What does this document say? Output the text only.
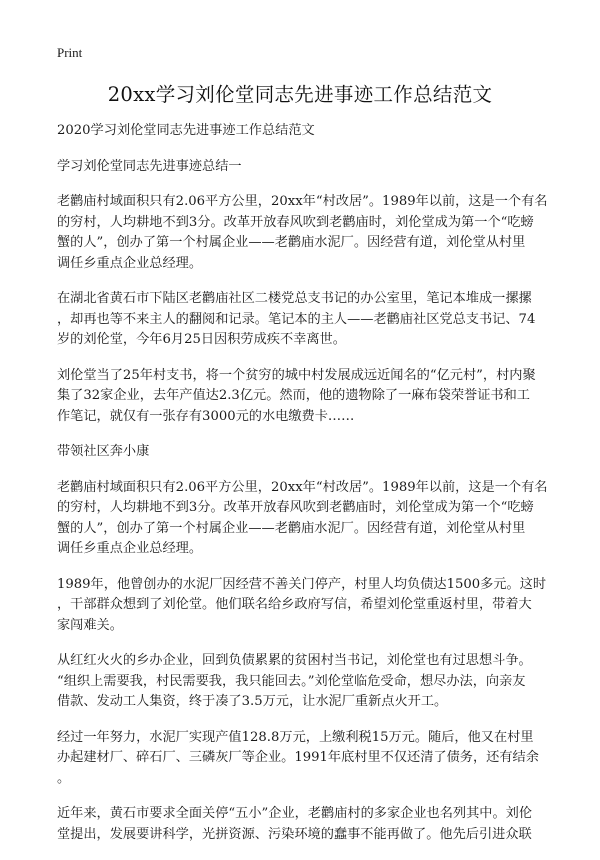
Print
20xx学习刘伦堂同志先进事迹工作总结范文
2020学习刘伦堂同志先进事迹工作总结范文
学习刘伦堂同志先进事迹总结一
老鹳庙村域面积只有2.06平方公里，20xx年“村改居”。1989年以前，这是一个有名
的穷村，人均耕地不到3分。改革开放春风吹到老鹳庙时，刘伦堂成为第一个“吃螃
蟹的人”，创办了第一个村属企业——老鹳庙水泥厂。因经营有道，刘伦堂从村里
调任乡重点企业总经理。
在湖北省黄石市下陆区老鹳庙社区二楼党总支书记的办公室里，笔记本堆成一摞摞
，却再也等不来主人的翻阅和记录。笔记本的主人——老鹳庙社区党总支书记、74
岁的刘伦堂，今年6月25日因积劳成疾不幸离世。
刘伦堂当了25年村支书，将一个贫穷的城中村发展成远近闻名的“亿元村”，村内聚
集了32家企业，去年产值达2.3亿元。然而，他的遗物除了一麻布袋荣誉证书和工
作笔记，就仅有一张存有3000元的水电缴费卡……
带领社区奔小康
老鹳庙村域面积只有2.06平方公里，20xx年“村改居”。1989年以前，这是一个有名
的穷村，人均耕地不到3分。改革开放春风吹到老鹳庙时，刘伦堂成为第一个“吃螃
蟹的人”，创办了第一个村属企业——老鹳庙水泥厂。因经营有道，刘伦堂从村里
调任乡重点企业总经理。
1989年，他曾创办的水泥厂因经营不善关门停产，村里人均负债达1500多元。这时
，干部群众想到了刘伦堂。他们联名给乡政府写信，希望刘伦堂重返村里，带着大
家闯难关。
从红红火火的乡办企业，回到负债累累的贫困村当书记，刘伦堂也有过思想斗争。
“组织上需要我，村民需要我，我只能回去。”刘伦堂临危受命，想尽办法，向亲友
借款、发动工人集资，终于凑了3.5万元，让水泥厂重新点火开工。
经过一年努力，水泥厂实现产值128.8万元，上缴利税15万元。随后，他又在村里
办起建材厂、碎石厂、三磷灰厂等企业。1991年底村里不仅还清了债务，还有结余
。
近年来，黄石市要求全面关停“五小”企业，老鹳庙村的多家企业也名列其中。刘伦
堂提出，发展要讲科学，光拼资源、污染环境的蠢事不能再做了。他先后引进众联
